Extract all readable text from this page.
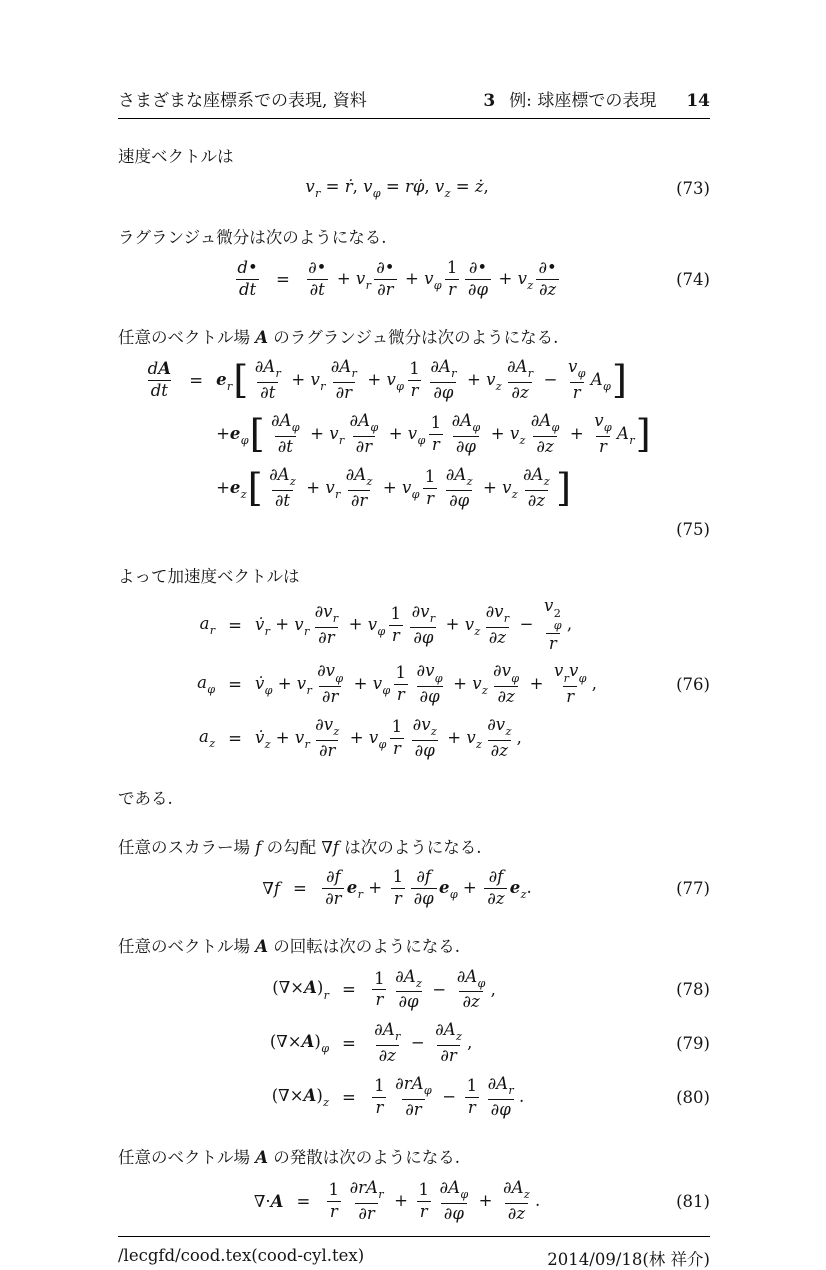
さまざまな座標系での表現, 資料	3 例: 球座標での表現 14

速度ベクトルは

$v_r$ = ṙ, $v_\varphi$ = rφ̇, $v_z$ = ż,	(73)

ラグランジュ微分は次のようになる.

$\frac{d•}{dt}$ =
∂•
∂t
+ $v_r$
∂•
∂r
+ $v_\varphi \frac{1}{r}$ ∂•
∂φ
+ $v_z$
∂•
∂z
(74)

任意のベクトル場 A のラグランジュ微分は次のようになる.

$\frac{dA}{dt} = e_r[ \frac{\partial A_r}{\partial t} + v_r \frac{\partial A_r}{\partial r} + v_\varphi \frac{1}{r} \frac{\partial A_r}{\partial\varphi} + v_z \frac{\partial A_r}{\partial z} - \frac{v_\varphi}{r} A_\varphi]$
$+e_\varphi[ \frac{\partial A_\varphi}{\partial t} + v_r \frac{\partial A_\varphi}{\partial r} + v_\varphi \frac{1}{r} \frac{\partial A_\varphi}{\partial\varphi} + v_z \frac{\partial A_\varphi}{\partial z} + \frac{v_\varphi}{r} A_r]$
$+e_z[ \frac{\partial A_z}{\partial t} + v_r \frac{\partial A_z}{\partial r} + v_\varphi \frac{1}{r} \frac{\partial A_z}{\partial\varphi} + v_z \frac{\partial A_z}{\partial z}$ ]
(75)

よって加速度ベクトルは

$a_r$ = $v̇_r + v_r \frac{\partial v_r}{\partial r} + v_\varphi \frac{1}{r} \frac{\partial v_r}{\partial\varphi} + v_z \frac{\partial v_r}{\partial z} - v$ 2
φ
r ,
$a_\varphi$ = $v̇_\varphi + v_r \frac{\partial v_\varphi}{\partial r} + v_\varphi \frac{1}{r} \frac{\partial v_\varphi}{\partial\varphi} + v_z \frac{\partial v_\varphi}{\partial z}$ +
$v_rv_\varphi$
r
,	(76)
$a_z$ = $v̇_z + v_r \frac{\partial v_z}{\partial r} + v_\varphi \frac{1}{r} \frac{\partial v_z}{\partial\varphi} + v_z \frac{\partial v_z}{\partial z}$ ,

である.

任意のスカラー場 f の勾配 ∇f は次のようになる.

$\nabla f = \frac{\partial f}{\partial r} e_r + \frac{1}{r} \frac{\partial f}{\partial\varphi} e_\varphi + \frac{\partial f}{\partial z} e_z$.	(77)

任意のベクトル場 A の回転は次のようになる.

$(\nabla\times A)_r = \frac{1}{r} \frac{\partial A_z}{\partial\varphi} - \frac{\partial A_\varphi}{\partial z}$ ,	(78)
$(\nabla\times A)_\varphi = \frac{\partial A_r}{\partial z} - \frac{\partial A_z}{\partial r}$ ,	(79)
$(\nabla\times A)_z = \frac{1}{r} \partial rA_\varphi$
∂r
− $\frac{1}{r} \frac{\partial A_r}{\partial\varphi}$ .	(80)

任意のベクトル場 A の発散は次のようになる.

$\nabla\cdot A = \frac{1}{r} \partial rA_r$
∂r
+ $\frac{1}{r} \frac{\partial A_\varphi}{\partial\varphi} + \frac{\partial A_z}{\partial z}$ .	(81)
/lecgfd/cood.tex(cood-cyl.tex)	2014/09/18(林 祥介)
